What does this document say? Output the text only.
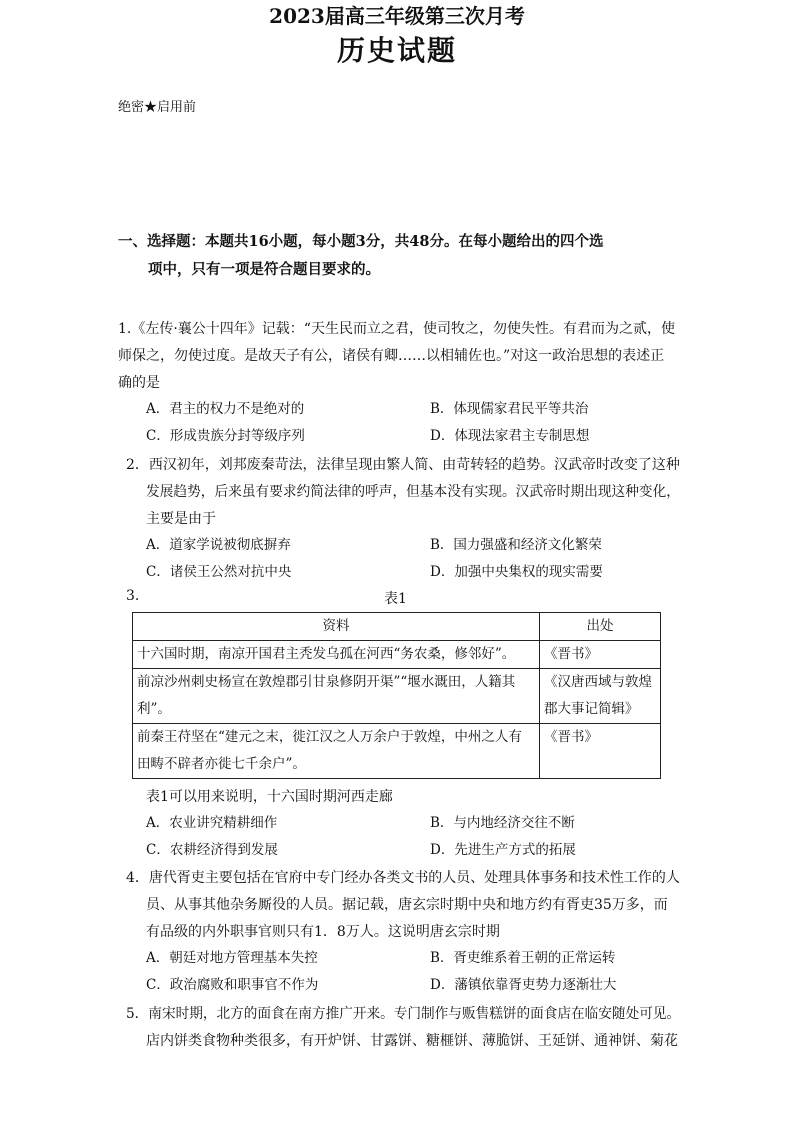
绝密★启用前
2023届高三年级第三次月考
历史试题
一、选择题：本题共16小题，每小题3分，共48分。在每小题给出的四个选
项中，只有一项是符合题目要求的。
1.《左传·襄公十四年》记载：“天生民而立之君，使司牧之，勿使失性。有君而为之贰，使
师保之，勿使过度。是故天子有公，诸侯有卿……以相辅佐也。”对这一政治思想的表述正
确的是
A．君主的权力不是绝对的	B．体现儒家君民平等共治
C．形成贵族分封等级序列	D．体现法家君主专制思想
2．西汉初年，刘邦废秦苛法，法律呈现由繁人简、由苛转轻的趋势。汉武帝时改变了这种
发展趋势，后来虽有要求约简法律的呼声，但基本没有实现。汉武帝时期出现这种变化，
主要是由于
A．道家学说被彻底摒弃	B．国力强盛和经济文化繁荣
C．诸侯王公然对抗中央	D．加强中央集权的现实需要
3.	表1
资料	出处
十六国时期，南凉开国君主秃发乌孤在河西“务农桑，修邻好”。	《晋书》
前凉沙州刺史杨宣在敦煌郡引甘泉修阴开渠”“堰水溉田，人籍其利”。	《汉唐西域与敦煌郡大事记简辑》
前秦王苻坚在“建元之末，徙江汉之人万余户于敦煌，中州之人有田畴不辟者亦徙七千余户”。	《晋书》
表1可以用来说明，十六国时期河西走廊
A．农业讲究精耕细作	B．与内地经济交往不断
C．农耕经济得到发展	D．先进生产方式的拓展
4．唐代胥吏主要包括在官府中专门经办各类文书的人员、处理具体事务和技术性工作的人
员、从事其他杂务厮役的人员。据记载，唐玄宗时期中央和地方约有胥吏35万多，而
有品级的内外职事官则只有1．8万人。这说明唐玄宗时期
A．朝廷对地方管理基本失控	B．胥吏维系着王朝的正常运转
C．政治腐败和职事官不作为	D．藩镇依靠胥吏势力逐渐壮大
5．南宋时期，北方的面食在南方推广开来。专门制作与贩售糕饼的面食店在临安随处可见。
店内饼类食物种类很多，有开炉饼、甘露饼、糖榧饼、薄脆饼、王延饼、通神饼、菊花
